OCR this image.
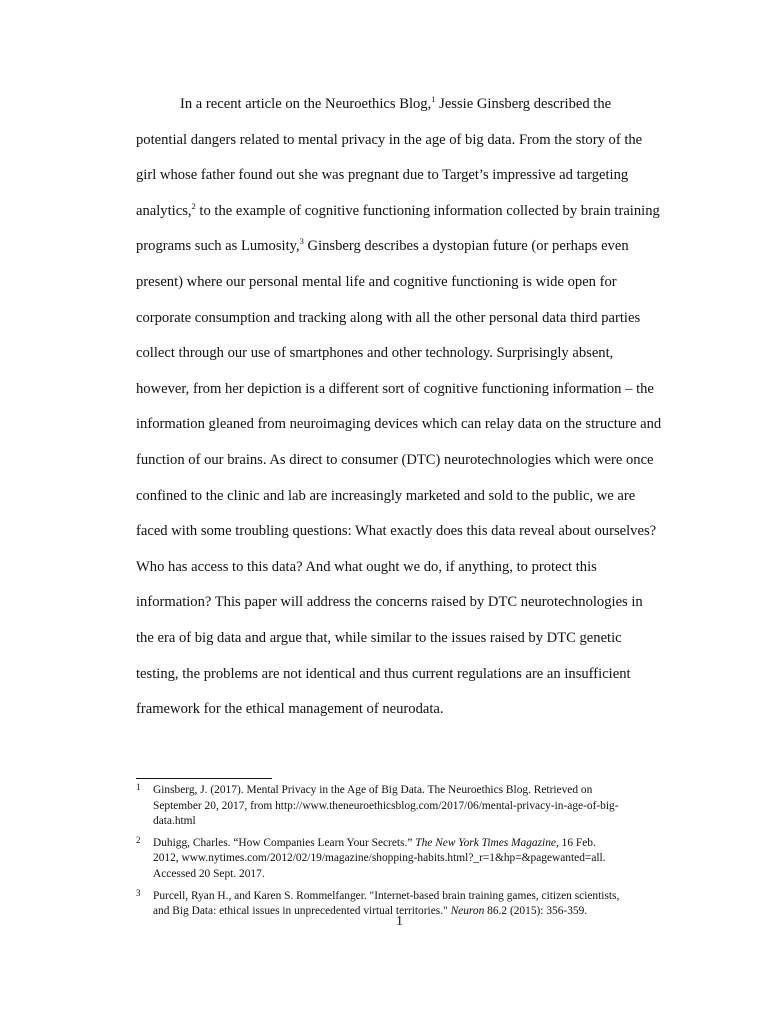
In a recent article on the Neuroethics Blog,$^1$ Jessie Ginsberg described the
potential dangers related to mental privacy in the age of big data. From the story of the
girl whose father found out she was pregnant due to Target’s impressive ad targeting
analytics,$^2$ to the example of cognitive functioning information collected by brain training
programs such as Lumosity,$^3$ Ginsberg describes a dystopian future (or perhaps even
present) where our personal mental life and cognitive functioning is wide open for
corporate consumption and tracking along with all the other personal data third parties
collect through our use of smartphones and other technology. Surprisingly absent,
however, from her depiction is a different sort of cognitive functioning information – the
information gleaned from neuroimaging devices which can relay data on the structure and
function of our brains. As direct to consumer (DTC) neurotechnologies which were once
confined to the clinic and lab are increasingly marketed and sold to the public, we are
faced with some troubling questions: What exactly does this data reveal about ourselves?
Who has access to this data? And what ought we do, if anything, to protect this
information? This paper will address the concerns raised by DTC neurotechnologies in
the era of big data and argue that, while similar to the issues raised by DTC genetic
testing, the problems are not identical and thus current regulations are an insufficient
framework for the ethical management of neurodata.
1 Ginsberg, J. (2017). Mental Privacy in the Age of Big Data. The Neuroethics Blog. Retrieved on
September 20, 2017, from http://www.theneuroethicsblog.com/2017/06/mental-privacy-in-age-of-big-
data.html
2 Duhigg, Charles. “How Companies Learn Your Secrets.” The New York Times Magazine, 16 Feb.
2012, www.nytimes.com/2012/02/19/magazine/shopping-habits.html?_r=1&hp=&pagewanted=all.
Accessed 20 Sept. 2017.
3 Purcell, Ryan H., and Karen S. Rommelfanger. "Internet-based brain training games, citizen scientists,
and Big Data: ethical issues in unprecedented virtual territories." Neuron 86.2 (2015): 356-359.
1
